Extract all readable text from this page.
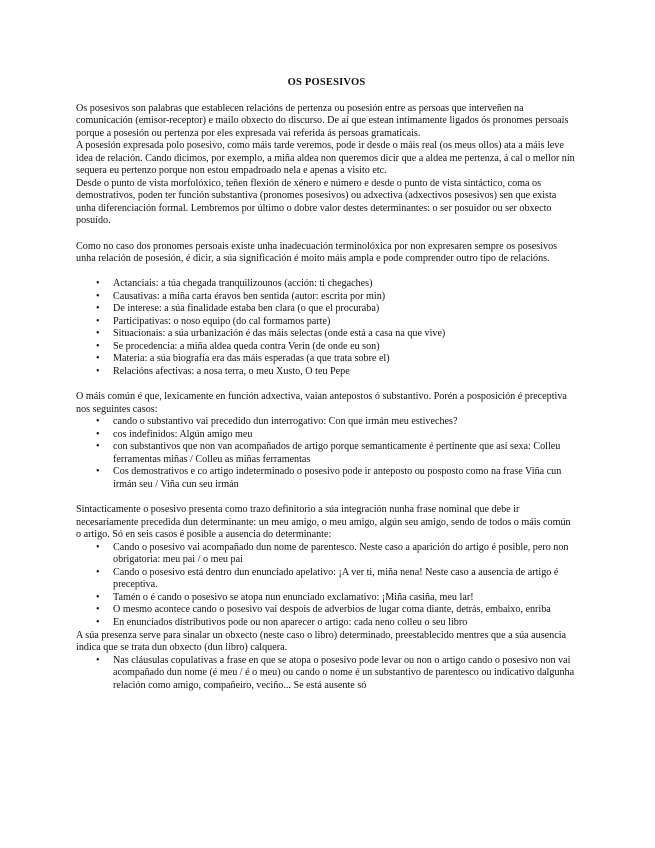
OS POSESIVOS

Os posesivos son palabras que establecen relacións de pertenza ou posesión entre as persoas que interveñen na comunicación (emisor-receptor) e mailo obxecto do discurso. De aí que estean intimamente ligados ós pronomes persoais porque a posesión ou pertenza por eles expresada vai referida ás persoas gramaticais.

A posesión expresada polo posesivo, como máis tarde veremos, pode ir desde o máis real (os meus ollos) ata a máis leve idea de relación. Cando dicimos, por exemplo, a miña aldea non queremos dicir que a aldea me pertenza, á cal o mellor nin sequera eu pertenzo porque non estou empadroado nela e apenas a visito etc.

Desde o punto de vista morfolóxico, teñen flexión de xénero e número e desde o punto de vista sintáctico, coma os demostrativos, poden ter función substantiva (pronomes posesivos) ou adxectiva (adxectivos posesivos) sen que exista unha diferenciación formal. Lembremos por último o dobre valor destes determinantes: o ser posuidor ou ser obxecto posuído.

Como no caso dos pronomes persoais existe unha inadecuación terminolóxica por non expresaren sempre os posesivos unha relación de posesión, é dicir, a súa significación é moito máis ampla e pode comprender outro tipo de relacións.

• Actanciais: a túa chegada tranquilizounos (acción: ti chegaches)
• Causativas: a miña carta éravos ben sentida (autor: escrita por min)
• De interese: a súa finalidade estaba ben clara (o que el procuraba)
• Participativas: o noso equipo (do cal formamos parte)
• Situacionais: a súa urbanización é das máis selectas (onde está a casa na que vive)
• Se procedencia: a miña aldea queda contra Verín (de onde eu son)
• Materia: a súa biografía era das máis esperadas (a que trata sobre el)
• Relacións afectivas: a nosa terra, o meu Xusto, O teu Pepe

O máis común é que, lexicamente en función adxectiva, vaian antepostos ó substantivo. Porén a posposición é preceptiva nos seguintes casos:

• cando o substantivo vai precedido dun interrogativo: Con que irmán meu estiveches?
• cos indefinidos: Algún amigo meu
• con substantivos que non van acompañados de artigo porque semanticamente é pertinente que así sexa: Colleu ferramentas miñas / Colleu as miñas ferramentas
• Cos demostrativos e co artigo indeterminado o posesivo pode ir anteposto ou posposto como na frase Viña cun irmán seu / Viña cun seu irmán

Sintacticamente o posesivo presenta como trazo definitorio a súa integración nunha frase nominal que debe ir necesariamente precedida dun determinante: un meu amigo, o meu amigo, algún seu amigo, sendo de todos o máis común o artigo. Só en seis casos é posible a ausencia do determinante:

• Cando o posesivo vai acompañado dun nome de parentesco. Neste caso a aparición do artigo é posible, pero non obrigatoria: meu pai / o meu pai
• Cando o posesivo está dentro dun enunciado apelativo: ¡A ver ti, miña nena! Neste caso a ausencia de artigo é preceptiva.
• Tamén o é cando o posesivo se atopa nun enunciado exclamativo: ¡Miña casiña, meu lar!
• O mesmo acontece cando o posesivo vai despois de adverbios de lugar coma diante, detrás, embaixo, enriba
• En enunciados distributivos pode ou non aparecer o artigo: cada neno colleu o seu libro

A súa presenza serve para sinalar un obxecto (neste caso o libro) determinado, preestablecido mentres que a súa ausencia indica que se trata dun obxecto (dun libro) calquera.

• Nas cláusulas copulativas a frase en que se atopa o posesivo pode levar ou non o artigo cando o posesivo non vai acompañado dun nome (é meu / é o meu) ou cando o nome é un substantivo de parentesco ou indicativo dalgunha relación como amigo, compañeiro, veciño... Se está ausente só
